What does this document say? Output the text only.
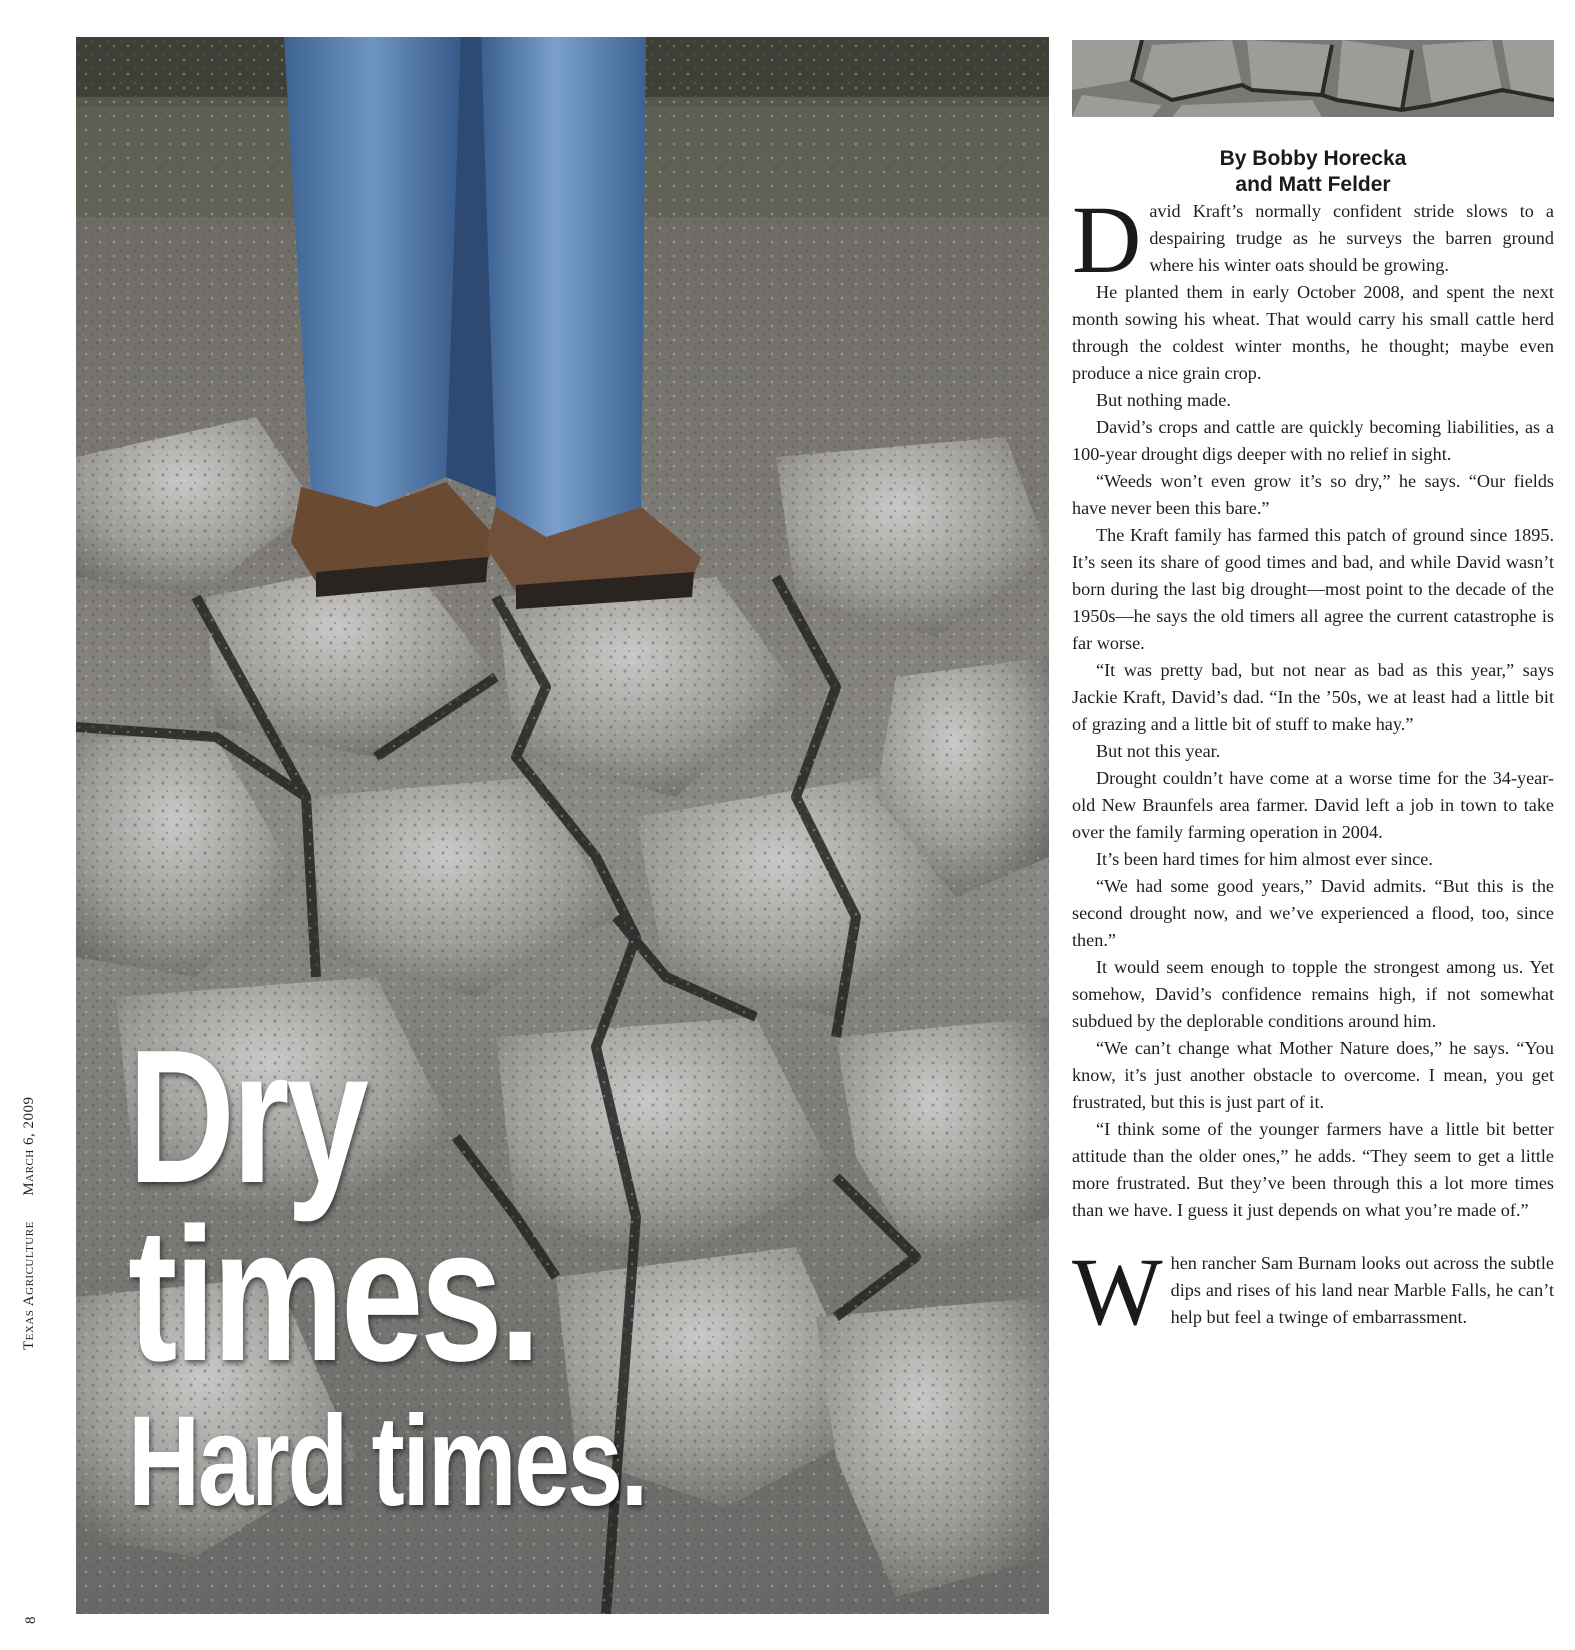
Texas Agriculture      March 6, 2009
8
Dry
times.
Hard times.
By Bobby Horecka
and Matt Felder

David Kraft’s normally confident stride slows to a despairing trudge as he surveys the barren ground where his winter oats should be growing.

He planted them in early October 2008, and spent the next month sowing his wheat. That would carry his small cattle herd through the coldest winter months, he thought; maybe even produce a nice grain crop.

But nothing made.

David’s crops and cattle are quickly becoming liabilities, as a 100-year drought digs deeper with no relief in sight.

“Weeds won’t even grow it’s so dry,” he says. “Our fields have never been this bare.”

The Kraft family has farmed this patch of ground since 1895. It’s seen its share of good times and bad, and while David wasn’t born during the last big drought—most point to the decade of the 1950s—he says the old timers all agree the current catastrophe is far worse.

“It was pretty bad, but not near as bad as this year,” says Jackie Kraft, David’s dad. “In the ’50s, we at least had a little bit of grazing and a little bit of stuff to make hay.”

But not this year.

Drought couldn’t have come at a worse time for the 34-year-old New Braunfels area farmer. David left a job in town to take over the family farming operation in 2004.

It’s been hard times for him almost ever since.

“We had some good years,” David admits. “But this is the second drought now, and we’ve experienced a flood, too, since then.”

It would seem enough to topple the strongest among us. Yet somehow, David’s confidence remains high, if not somewhat subdued by the deplorable conditions around him.

“We can’t change what Mother Nature does,” he says. “You know, it’s just another obstacle to overcome. I mean, you get frustrated, but this is just part of it.

“I think some of the younger farmers have a little bit better attitude than the older ones,” he adds. “They seem to get a little more frustrated. But they’ve been through this a lot more times than we have. I guess it just depends on what you’re made of.”

When rancher Sam Burnam looks out across the subtle dips and rises of his land near Marble Falls, he can’t help but feel a twinge of embarrassment.
